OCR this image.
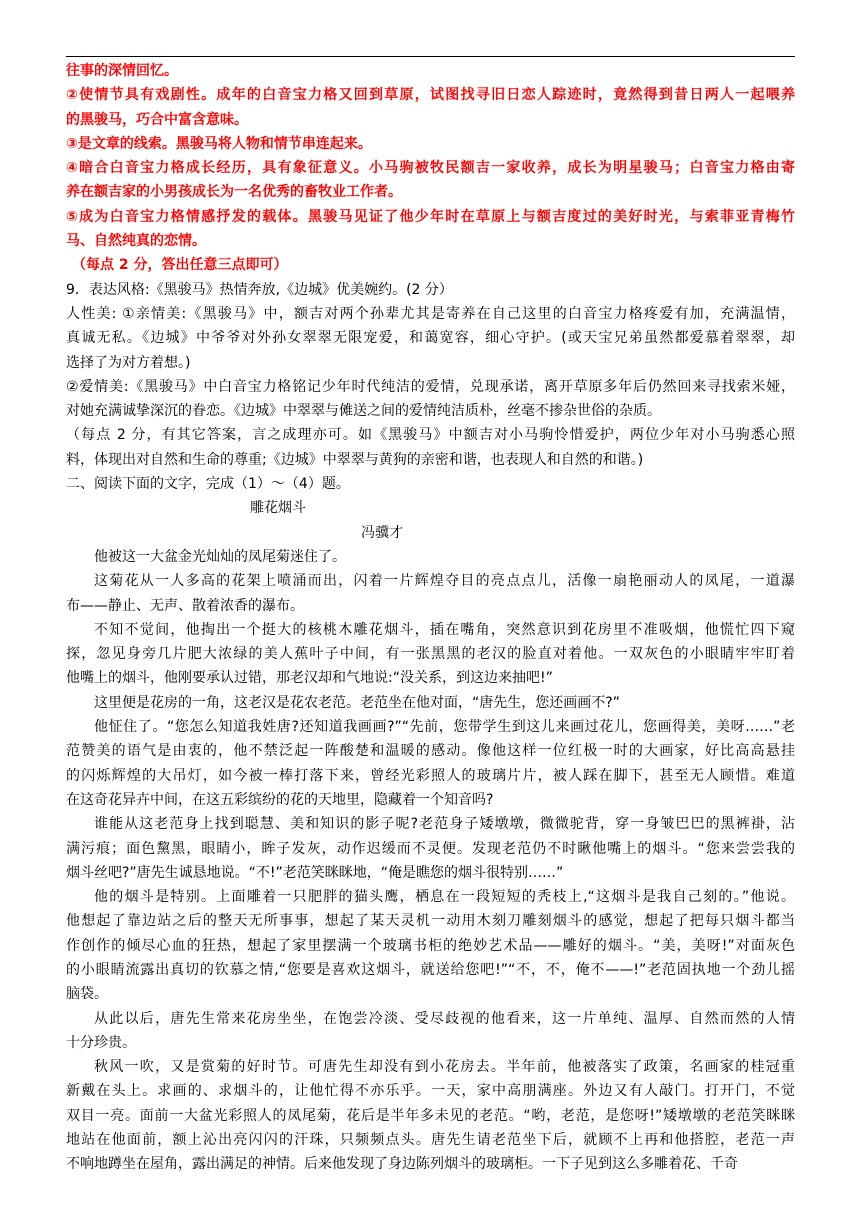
往事的深情回忆。
②使情节具有戏剧性。成年的白音宝力格又回到草原，试图找寻旧日恋人踪迹时，竟然得到昔日两人一起喂养
的黑骏马，巧合中富含意味。
③是文章的线索。黑骏马将人物和情节串连起来。
④暗合白音宝力格成长经历，具有象征意义。小马驹被牧民额吉一家收养，成长为明星骏马；白音宝力格由寄
养在额吉家的小男孩成长为一名优秀的畜牧业工作者。
⑤成为白音宝力格情感抒发的载体。黑骏马见证了他少年时在草原上与额吉度过的美好时光，与索菲亚青梅竹
马、自然纯真的恋情。
（每点 2 分，答出任意三点即可）
9．表达风格:《黑骏马》热情奔放,《边城》优美婉约。(2 分）
人性美: ①亲情美:《黑骏马》中，额吉对两个孙辈尤其是寄养在自己这里的白音宝力格疼爱有加，充满温情，
真诚无私。《边城》中爷爷对外孙女翠翠无限宠爱，和蔼宽容，细心守护。(或天宝兄弟虽然都爱慕着翠翠，却
选择了为对方着想。)
②爱情美:《黑骏马》中白音宝力格铭记少年时代纯洁的爱情，兑现承诺，离开草原多年后仍然回来寻找索米娅，
对她充满诚挚深沉的眷恋。《边城》中翠翠与傩送之间的爱情纯洁质朴，丝毫不掺杂世俗的杂质。
（每点 2 分，有其它答案，言之成理亦可。如《黑骏马》中额吉对小马驹怜惜爱护，两位少年对小马驹悉心照
料，体现出对自然和生命的尊重;《边城》中翠翠与黄狗的亲密和谐，也表现人和自然的和谐。)
二、阅读下面的文字，完成（1）～（4）题。
雕花烟斗
冯骥才
他被这一大盆金光灿灿的凤尾菊迷住了。
这菊花从一人多高的花架上喷涌而出，闪着一片辉煌夺目的亮点点儿，活像一扇艳丽动人的凤尾，一道瀑
布——静止、无声、散着浓香的瀑布。
不知不觉间，他掏出一个挺大的核桃木雕花烟斗，插在嘴角，突然意识到花房里不准吸烟，他慌忙四下窥
探，忽见身旁几片肥大浓绿的美人蕉叶子中间，有一张黑黑的老汉的脸直对着他。一双灰色的小眼睛牢牢盯着
他嘴上的烟斗，他刚要承认过错，那老汉却和气地说:“没关系，到这边来抽吧!”
这里便是花房的一角，这老汉是花农老范。老范坐在他对面，“唐先生，您还画画不?”
他怔住了。“您怎么知道我姓唐?还知道我画画?”“先前，您带学生到这儿来画过花儿，您画得美，美呀……”老
范赞美的语气是由衷的，他不禁泛起一阵酸楚和温暖的感动。像他这样一位红极一时的大画家，好比高高悬挂
的闪烁辉煌的大吊灯，如今被一棒打落下来，曾经光彩照人的玻璃片片，被人踩在脚下，甚至无人顾惜。难道
在这奇花异卉中间，在这五彩缤纷的花的天地里，隐藏着一个知音吗?
谁能从这老范身上找到聪慧、美和知识的影子呢?老范身子矮墩墩，微微驼背，穿一身皱巴巴的黑裤褂，沾
满污痕；面色黧黑，眼睛小，眸子发灰，动作迟缓而不灵便。发现老范仍不时瞅他嘴上的烟斗。“您来尝尝我的
烟斗丝吧?”唐先生诚恳地说。“不!”老范笑眯眯地，“俺是瞧您的烟斗很特别……”
他的烟斗是特别。上面雕着一只肥胖的猫头鹰，栖息在一段短短的秃枝上,“这烟斗是我自己刻的。”他说。
他想起了靠边站之后的整天无所事事，想起了某天灵机一动用木刻刀雕刻烟斗的感觉，想起了把每只烟斗都当
作创作的倾尽心血的狂热，想起了家里摆满一个玻璃书柜的绝妙艺术品——雕好的烟斗。“美，美呀!”对面灰色
的小眼睛流露出真切的钦慕之情,“您要是喜欢这烟斗，就送给您吧!”“不，不，俺不——!”老范固执地一个劲儿摇
脑袋。
从此以后，唐先生常来花房坐坐，在饱尝冷淡、受尽歧视的他看来，这一片单纯、温厚、自然而然的人情
十分珍贵。
秋风一吹，又是赏菊的好时节。可唐先生却没有到小花房去。半年前，他被落实了政策，名画家的桂冠重
新戴在头上。求画的、求烟斗的，让他忙得不亦乐乎。一天，家中高朋满座。外边又有人敲门。打开门，不觉
双目一亮。面前一大盆光彩照人的凤尾菊，花后是半年多未见的老范。“哟，老范，是您呀!”矮墩墩的老范笑眯眯
地站在他面前，额上沁出亮闪闪的汗珠，只频频点头。唐先生请老范坐下后，就顾不上再和他搭腔，老范一声
不响地蹲坐在屋角，露出满足的神情。后来他发现了身边陈列烟斗的玻璃柜。一下子见到这么多雕着花、千奇
